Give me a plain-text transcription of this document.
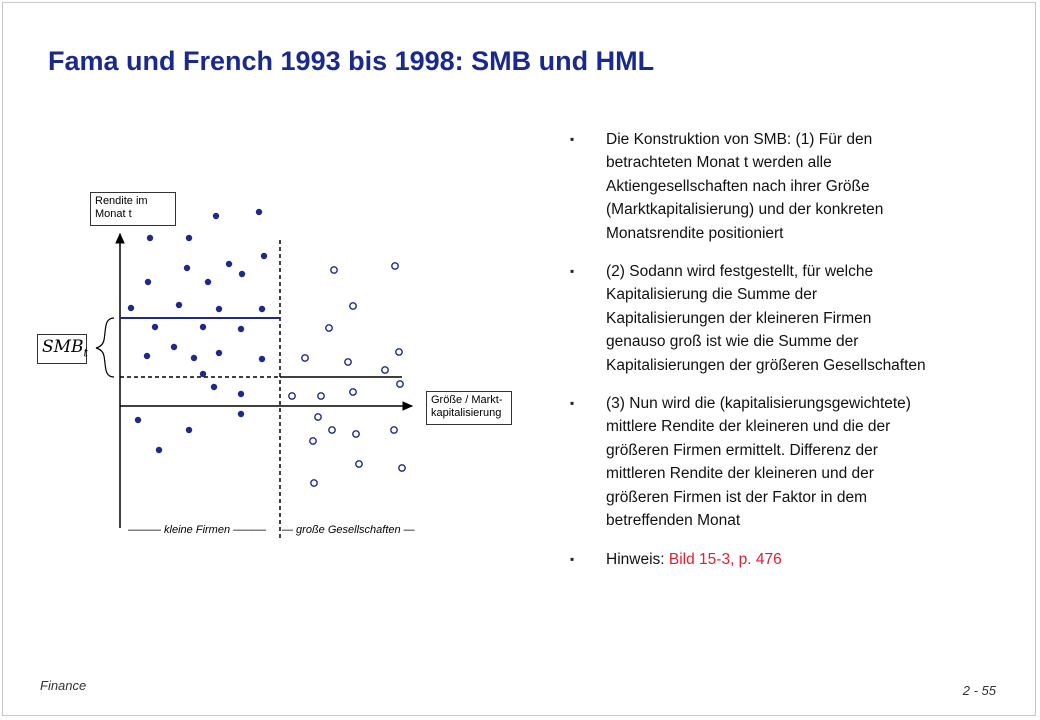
Fama und French 1993 bis 1998: SMB und HML
Rendite im
Monat t
Größe / Markt-
kapitalisierung
$SMB_t$
——— kleine Firmen ——— — große Gesellschaften —
▪ Die Konstruktion von SMB: (1) Für den betrachteten Monat t werden alle Aktiengesellschaften nach ihrer Größe (Marktkapitalisierung) und der konkreten Monatsrendite positioniert
▪ (2) Sodann wird festgestellt, für welche Kapitalisierung die Summe der Kapitalisierungen der kleineren Firmen genauso groß ist wie die Summe der Kapitalisierungen der größeren Gesellschaften
▪ (3) Nun wird die (kapitalisierungsgewichtete) mittlere Rendite der kleineren und die der größeren Firmen ermittelt. Differenz der mittleren Rendite der kleineren und der größeren Firmen ist der Faktor in dem betreffenden Monat
▪ Hinweis: Bild 15-3, p. 476
Finance	2 - 55
